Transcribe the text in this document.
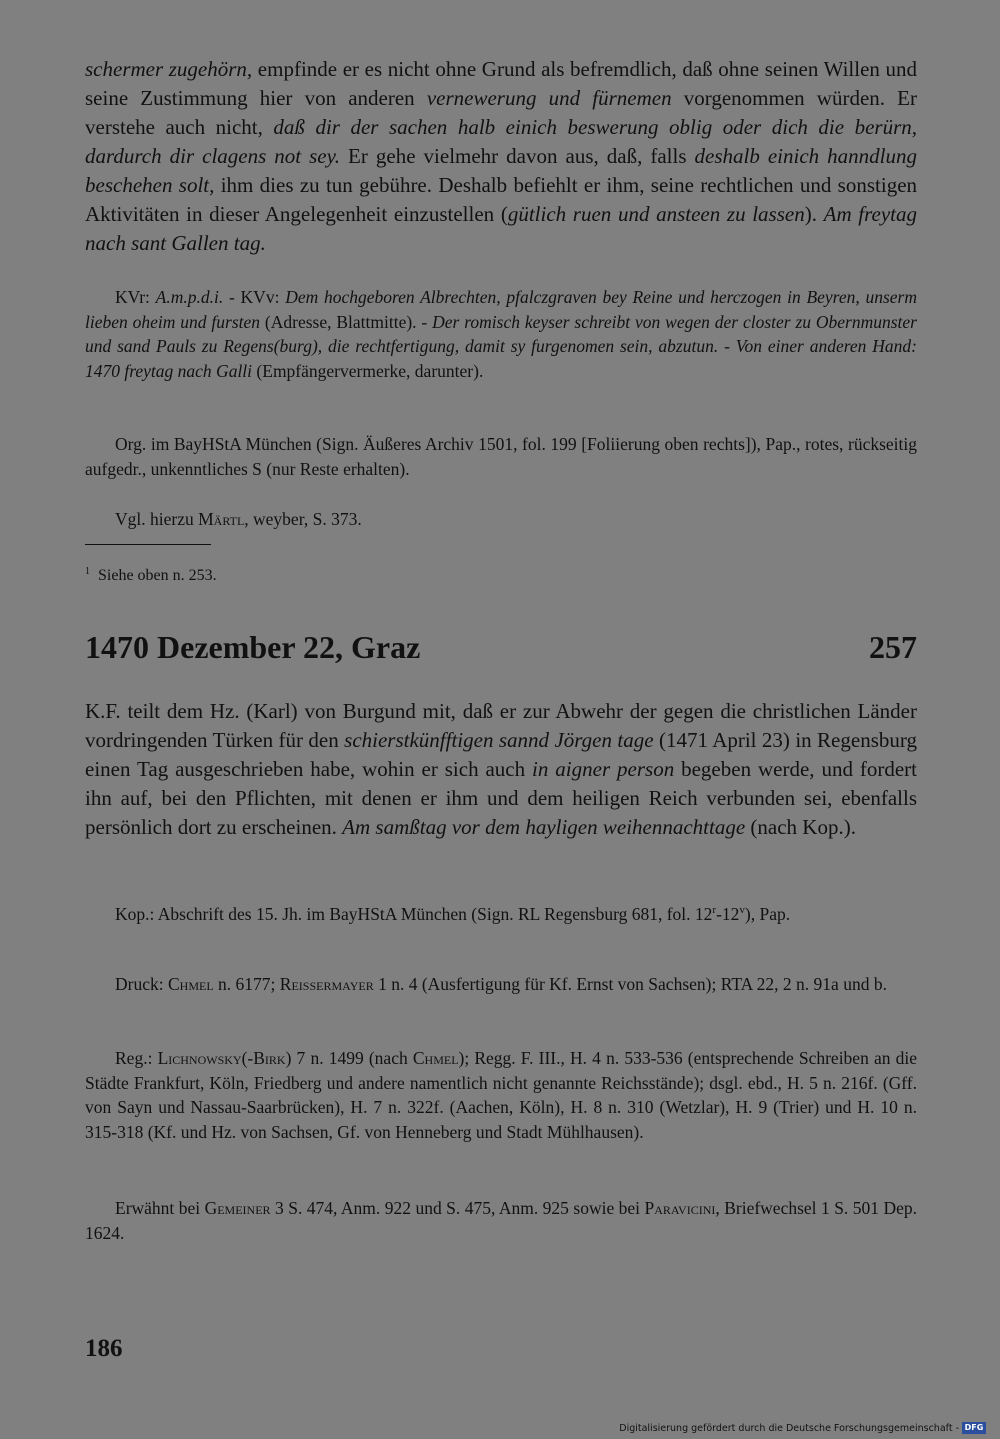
schermer zugehörn, empfinde er es nicht ohne Grund als befremdlich, daß ohne seinen Willen und seine Zustimmung hier von anderen vernewerung und fürnemen vorgenommen würden. Er verstehe auch nicht, daß dir der sachen halb einich beswerung oblig oder dich die berürn, dardurch dir clagens not sey. Er gehe vielmehr davon aus, daß, falls deshalb einich hanndlung beschehen solt, ihm dies zu tun gebühre. Deshalb befiehlt er ihm, seine rechtlichen und sonstigen Aktivitäten in dieser Angelegenheit einzustellen (gütlich ruen und ansteen zu lassen). Am freytag nach sant Gallen tag.

KVr: A.m.p.d.i. - KVv: Dem hochgeboren Albrechten, pfalczgraven bey Reine und herczogen in Beyren, unserm lieben oheim und fursten (Adresse, Blattmitte). - Der romisch keyser schreibt von wegen der closter zu Obernmunster und sand Pauls zu Regens(burg), die rechtfertigung, damit sy furgenomen sein, abzutun. - Von einer anderen Hand: 1470 freytag nach Galli (Empfängervermerke, darunter).

Org. im BayHStA München (Sign. Äußeres Archiv 1501, fol. 199 [Foliierung oben rechts]), Pap., rotes, rückseitig aufgedr., unkenntliches S (nur Reste erhalten).

Vgl. hierzu Märtl, weyber, S. 373.

$^1$ Siehe oben n. 253.

1470 Dezember 22, Graz	257

K.F. teilt dem Hz. (Karl) von Burgund mit, daß er zur Abwehr der gegen die christlichen Länder vordringenden Türken für den schierstkünfftigen sannd Jörgen tage (1471 April 23) in Regensburg einen Tag ausgeschrieben habe, wohin er sich auch in aigner person begeben werde, und fordert ihn auf, bei den Pflichten, mit denen er ihm und dem heiligen Reich verbunden sei, ebenfalls persönlich dort zu erscheinen. Am samßtag vor dem hayligen weihennachttage (nach Kop.).

Kop.: Abschrift des 15. Jh. im BayHStA München (Sign. RL Regensburg 681, fol. 12$^r$-12$^v$), Pap.

Druck: Chmel n. 6177; Reissermayer 1 n. 4 (Ausfertigung für Kf. Ernst von Sachsen); RTA 22, 2 n. 91a und b.

Reg.: Lichnowsky(-Birk) 7 n. 1499 (nach Chmel); Regg. F. III., H. 4 n. 533-536 (entsprechende Schreiben an die Städte Frankfurt, Köln, Friedberg und andere namentlich nicht genannte Reichsstände); dsgl. ebd., H. 5 n. 216f. (Gff. von Sayn und Nassau-Saarbrücken), H. 7 n. 322f. (Aachen, Köln), H. 8 n. 310 (Wetzlar), H. 9 (Trier) und H. 10 n. 315-318 (Kf. und Hz. von Sachsen, Gf. von Henneberg und Stadt Mühlhausen).

Erwähnt bei Gemeiner 3 S. 474, Anm. 922 und S. 475, Anm. 925 sowie bei Paravicini, Briefwechsel 1 S. 501 Dep. 1624.

186
Digitalisierung gefördert durch die Deutsche Forschungsgemeinschaft - DFG
